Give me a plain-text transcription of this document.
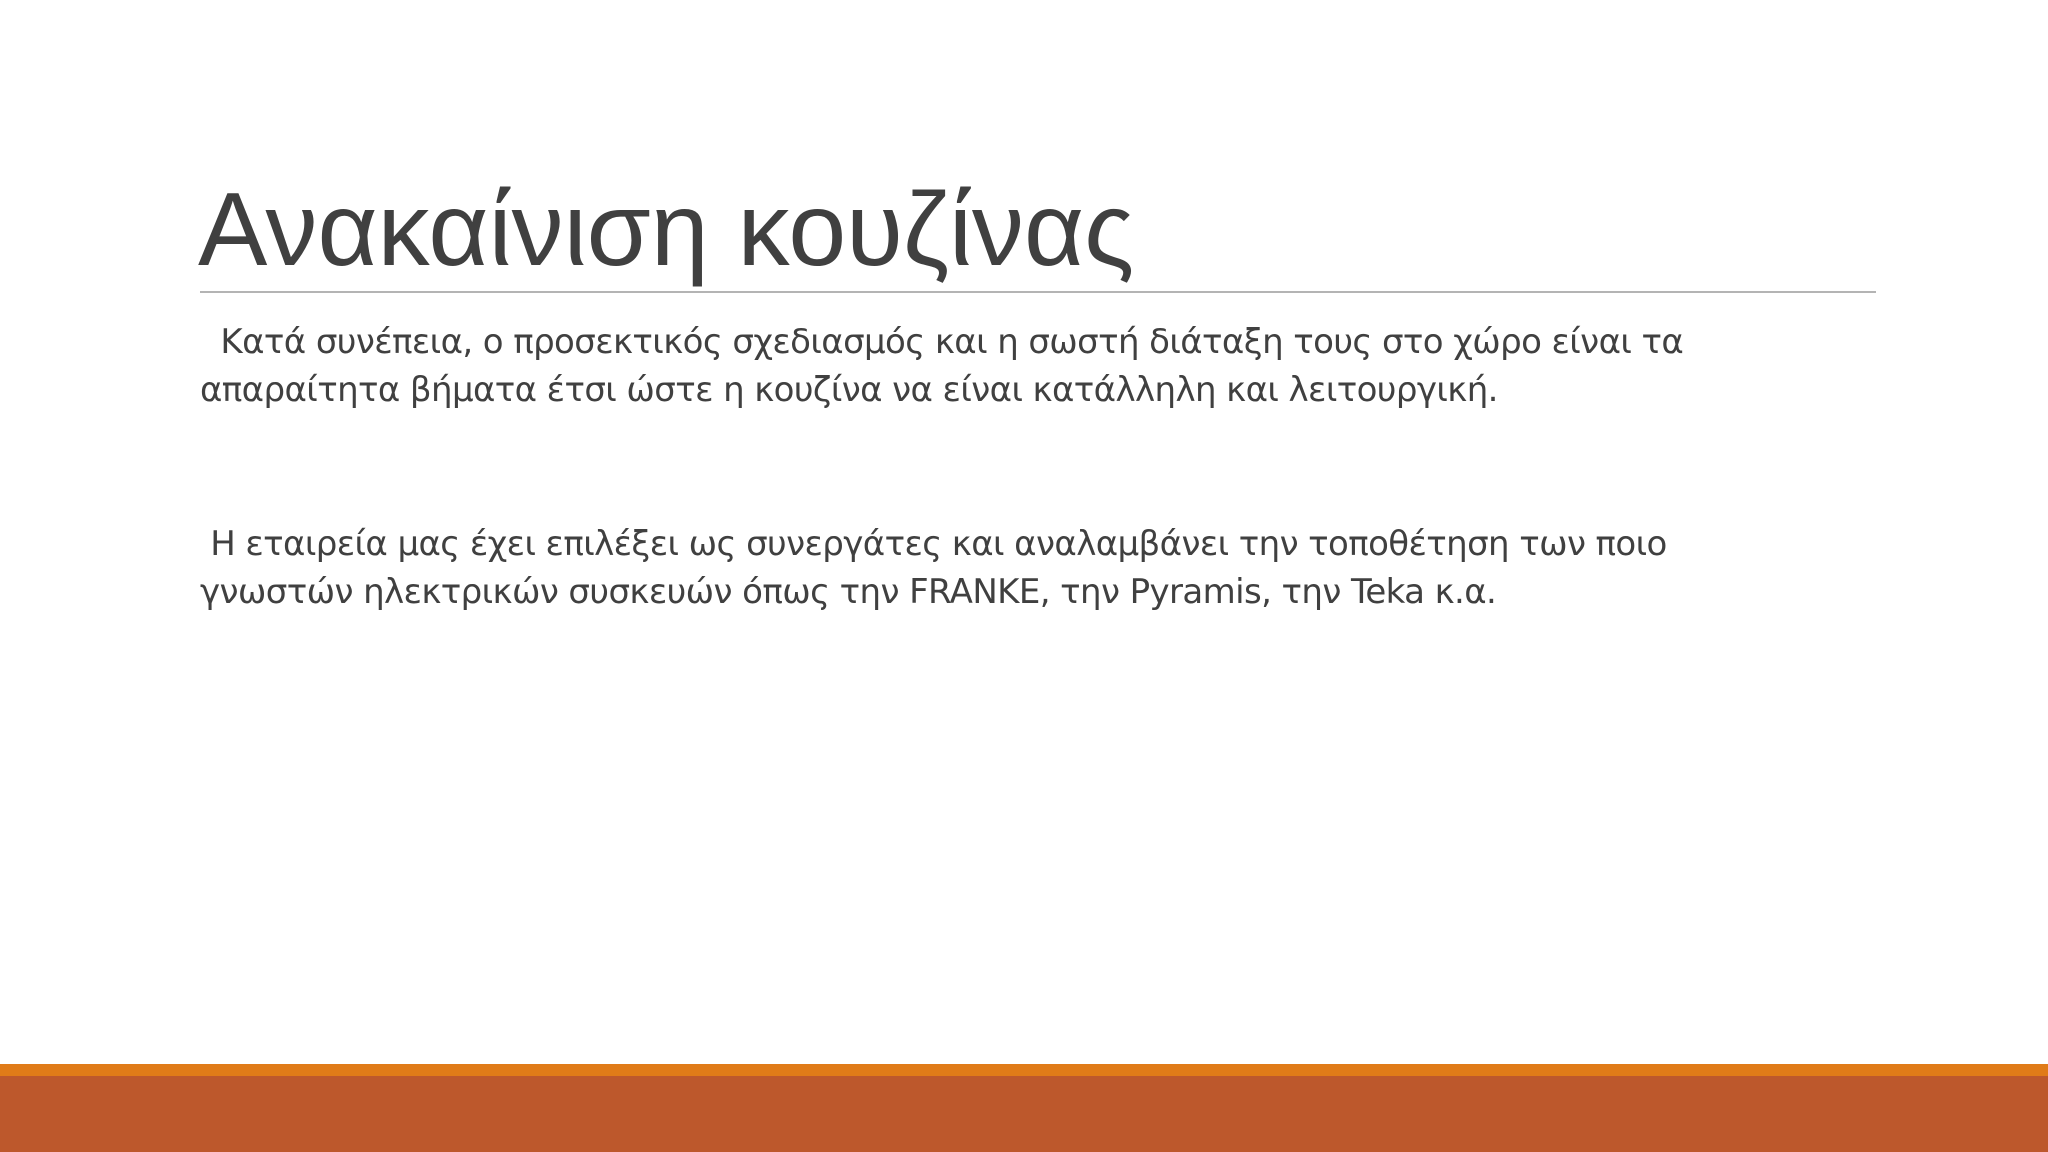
Ανακαίνιση κουζίνας

Κατά συνέπεια, ο προσεκτικός σχεδιασμός και η σωστή διάταξη τους στο χώρο είναι τα
απαραίτητα βήματα έτσι ώστε η κουζίνα να είναι κατάλληλη και λειτουργική.

Η εταιρεία μας έχει επιλέξει ως συνεργάτες και αναλαμβάνει την τοποθέτηση των ποιο
γνωστών ηλεκτρικών συσκευών όπως την FRANKE, την Pyramis, την Teka κ.α.
